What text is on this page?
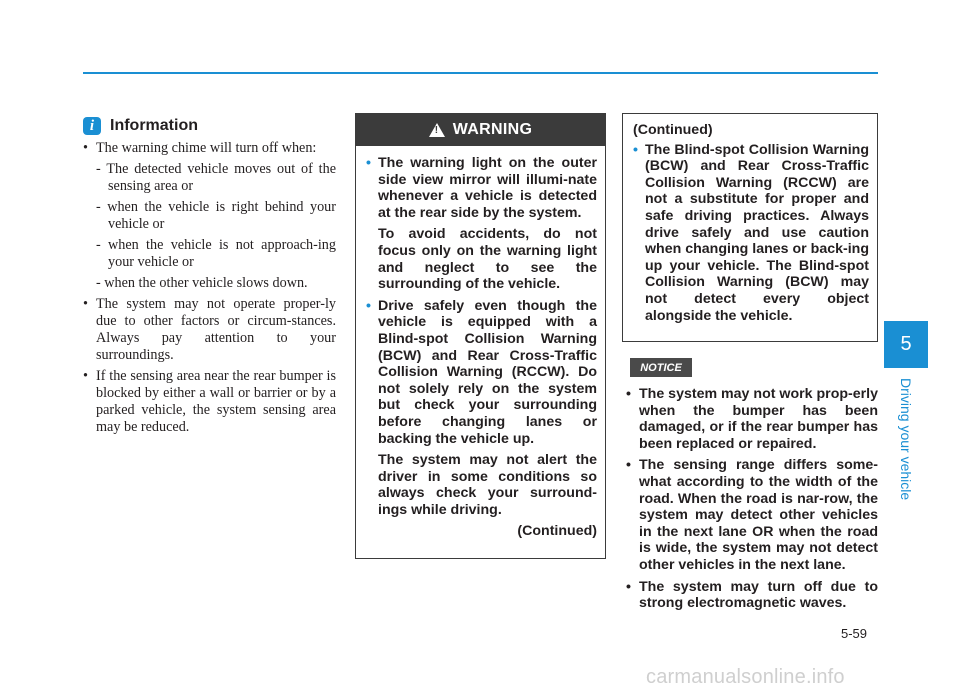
i Information
• The warning chime will turn off when:
- The detected vehicle moves out of the sensing area or
- when the vehicle is right behind your vehicle or
- when the vehicle is not approach-ing your vehicle or
- when the other vehicle slows down.
• The system may not operate proper-ly due to other factors or circum-stances. Always pay attention to your surroundings.
• If the sensing area near the rear bumper is blocked by either a wall or barrier or by a parked vehicle, the system sensing area may be reduced.
! WARNING
• The warning light on the outer side view mirror will illumi-nate whenever a vehicle is detected at the rear side by the system.
To avoid accidents, do not focus only on the warning light and neglect to see the surrounding of the vehicle.
• Drive safely even though the vehicle is equipped with a Blind-spot Collision Warning (BCW) and Rear Cross-Traffic Collision Warning (RCCW). Do not solely rely on the system but check your surrounding before changing lanes or backing the vehicle up.
The system may not alert the driver in some conditions so always check your surround-ings while driving.
(Continued)
(Continued)
• The Blind-spot Collision Warning (BCW) and Rear Cross-Traffic Collision Warning (RCCW) are not a substitute for proper and safe driving practices. Always drive safely and use caution when changing lanes or back-ing up your vehicle. The Blind-spot Collision Warning (BCW) may not detect every object alongside the vehicle.
NOTICE
• The system may not work prop-erly when the bumper has been damaged, or if the rear bumper has been replaced or repaired.
• The sensing range differs some-what according to the width of the road. When the road is nar-row, the system may detect other vehicles in the next lane OR when the road is wide, the system may not detect other vehicles in the next lane.
• The system may turn off due to strong electromagnetic waves.
5
Driving your vehicle
5-59
carmanualsonline.info
